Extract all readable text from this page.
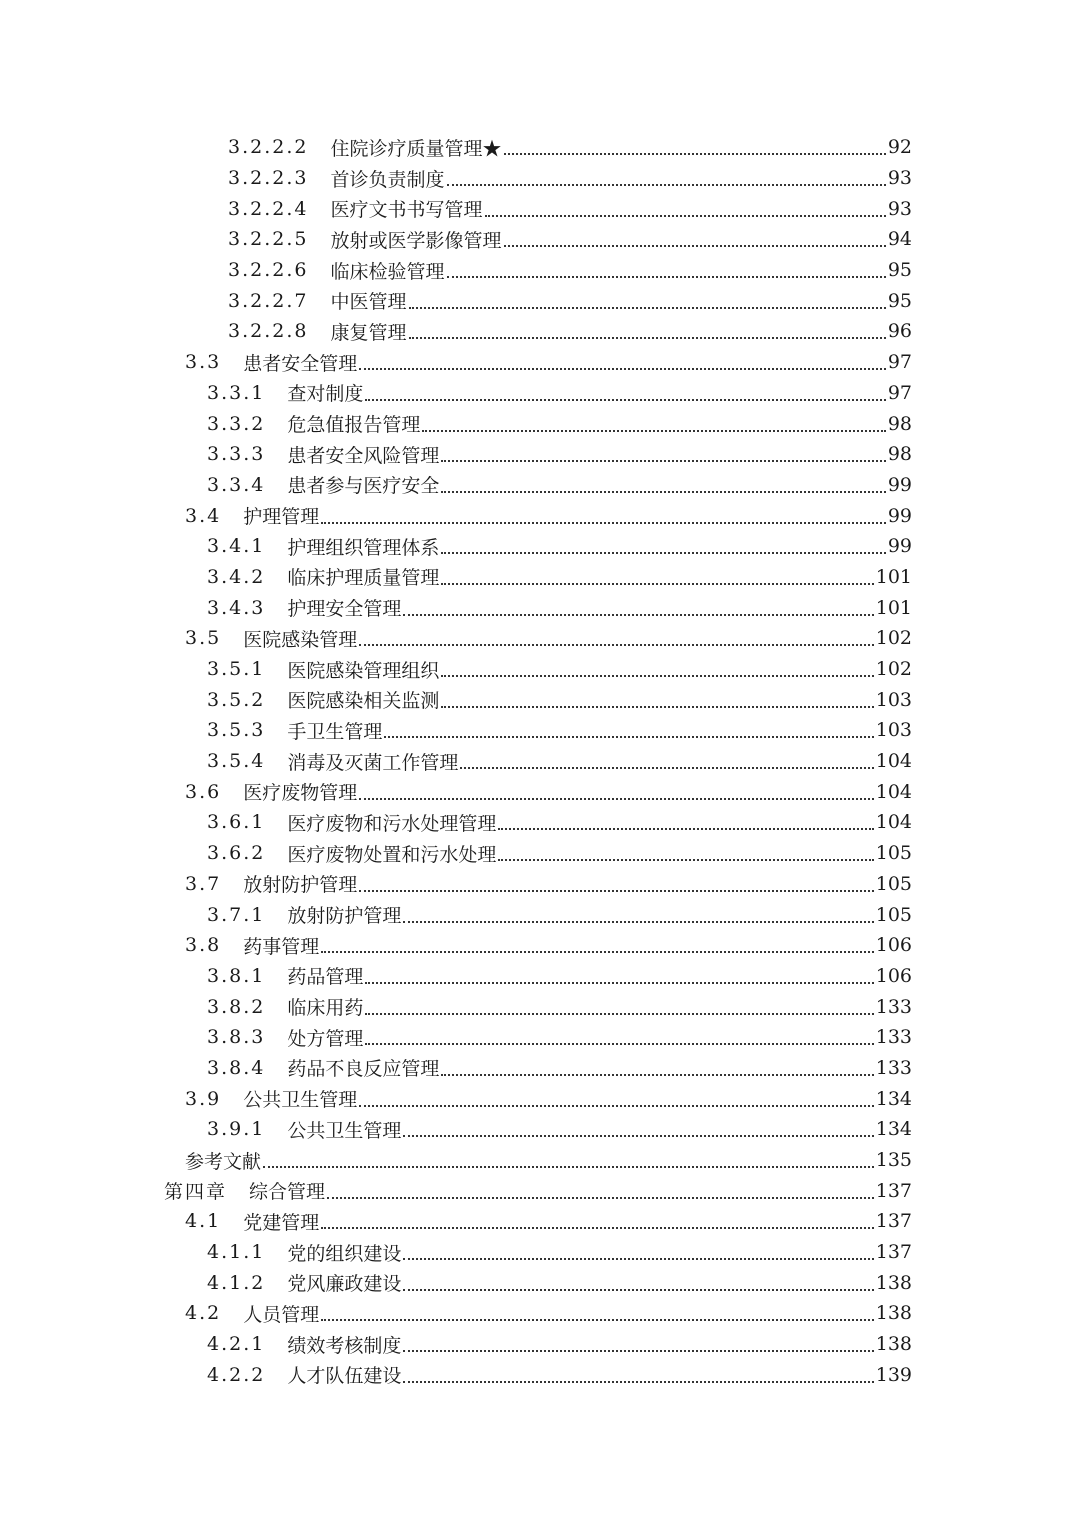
3.2.2.2 住院诊疗质量管理★	92
3.2.2.3 首诊负责制度	93
3.2.2.4 医疗文书书写管理	93
3.2.2.5 放射或医学影像管理	94
3.2.2.6 临床检验管理	95
3.2.2.7 中医管理	95
3.2.2.8 康复管理	96
3.3 患者安全管理	97
3.3.1 查对制度	97
3.3.2 危急值报告管理	98
3.3.3 患者安全风险管理	98
3.3.4 患者参与医疗安全	99
3.4 护理管理	99
3.4.1 护理组织管理体系	99
3.4.2 临床护理质量管理	101
3.4.3 护理安全管理	101
3.5 医院感染管理	102
3.5.1 医院感染管理组织	102
3.5.2 医院感染相关监测	103
3.5.3 手卫生管理	103
3.5.4 消毒及灭菌工作管理	104
3.6 医疗废物管理	104
3.6.1 医疗废物和污水处理管理	104
3.6.2 医疗废物处置和污水处理	105
3.7 放射防护管理	105
3.7.1 放射防护管理	105
3.8 药事管理	106
3.8.1 药品管理	106
3.8.2 临床用药	133
3.8.3 处方管理	133
3.8.4 药品不良反应管理	133
3.9 公共卫生管理	134
3.9.1 公共卫生管理	134
参考文献	135
第四章 综合管理	137
4.1 党建管理	137
4.1.1 党的组织建设	137
4.1.2 党风廉政建设	138
4.2 人员管理	138
4.2.1 绩效考核制度	138
4.2.2 人才队伍建设	139
